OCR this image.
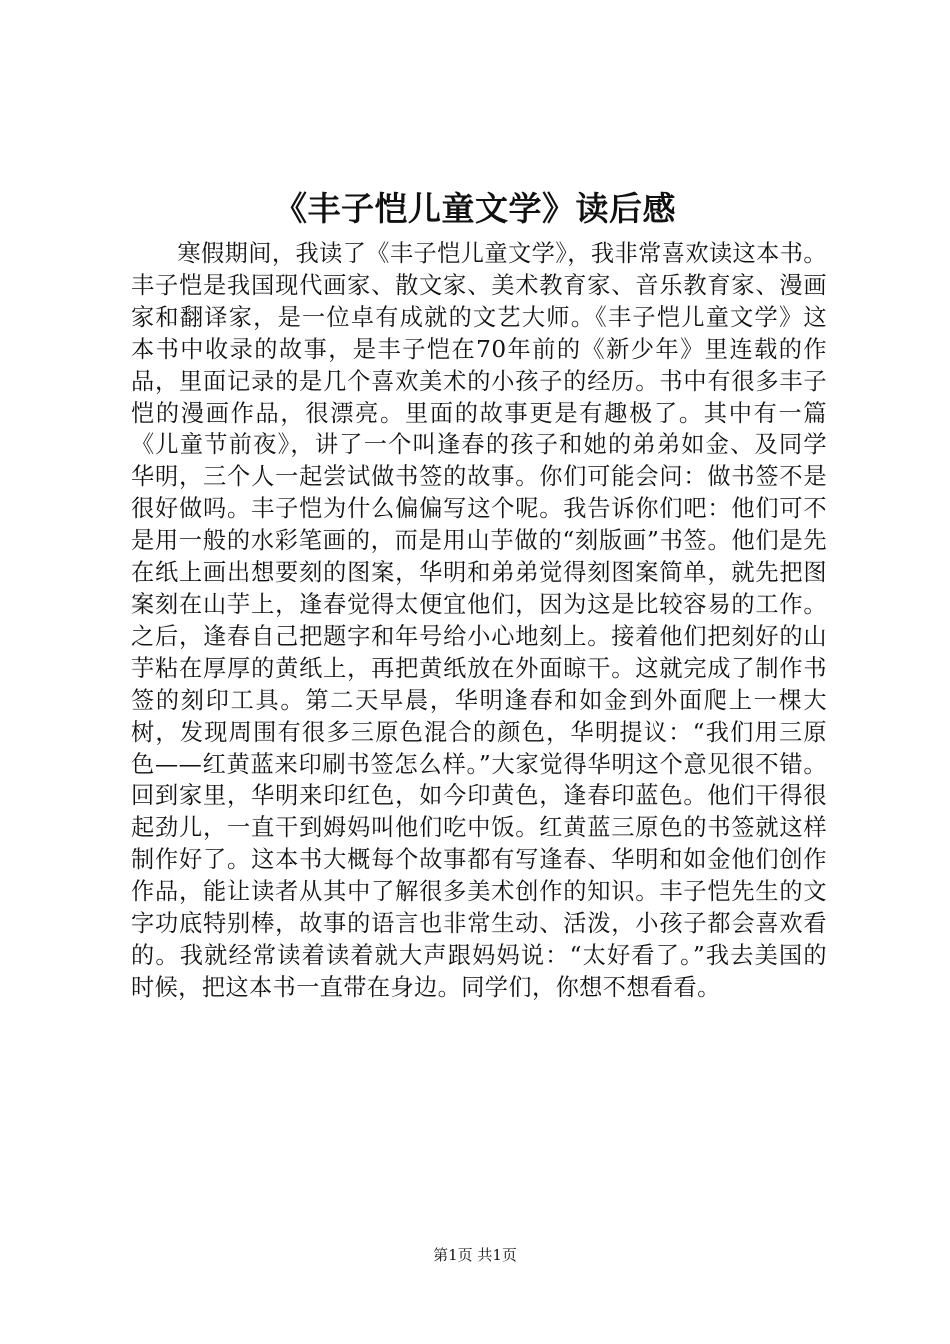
《丰子恺儿童文学》读后感

寒假期间，我读了《丰子恺儿童文学》，我非常喜欢读这本书。丰子恺是我国现代画家、散文家、美术教育家、音乐教育家、漫画家和翻译家，是一位卓有成就的文艺大师。《丰子恺儿童文学》这本书中收录的故事，是丰子恺在70年前的《新少年》里连载的作品，里面记录的是几个喜欢美术的小孩子的经历。书中有很多丰子恺的漫画作品，很漂亮。里面的故事更是有趣极了。其中有一篇《儿童节前夜》，讲了一个叫逢春的孩子和她的弟弟如金、及同学华明，三个人一起尝试做书签的故事。你们可能会问：做书签不是很好做吗。丰子恺为什么偏偏写这个呢。我告诉你们吧：他们可不是用一般的水彩笔画的，而是用山芋做的“刻版画”书签。他们是先在纸上画出想要刻的图案，华明和弟弟觉得刻图案简单，就先把图案刻在山芋上，逢春觉得太便宜他们，因为这是比较容易的工作。之后，逢春自己把题字和年号给小心地刻上。接着他们把刻好的山芋粘在厚厚的黄纸上，再把黄纸放在外面晾干。这就完成了制作书签的刻印工具。第二天早晨，华明逢春和如金到外面爬上一棵大树，发现周围有很多三原色混合的颜色，华明提议：“我们用三原色——红黄蓝来印刷书签怎么样。”大家觉得华明这个意见很不错。回到家里，华明来印红色，如今印黄色，逢春印蓝色。他们干得很起劲儿，一直干到姆妈叫他们吃中饭。红黄蓝三原色的书签就这样制作好了。这本书大概每个故事都有写逢春、华明和如金他们创作作品，能让读者从其中了解很多美术创作的知识。丰子恺先生的文字功底特别棒，故事的语言也非常生动、活泼，小孩子都会喜欢看的。我就经常读着读着就大声跟妈妈说：“太好看了。”我去美国的时候，把这本书一直带在身边。同学们，你想不想看看。

第1页 共1页
